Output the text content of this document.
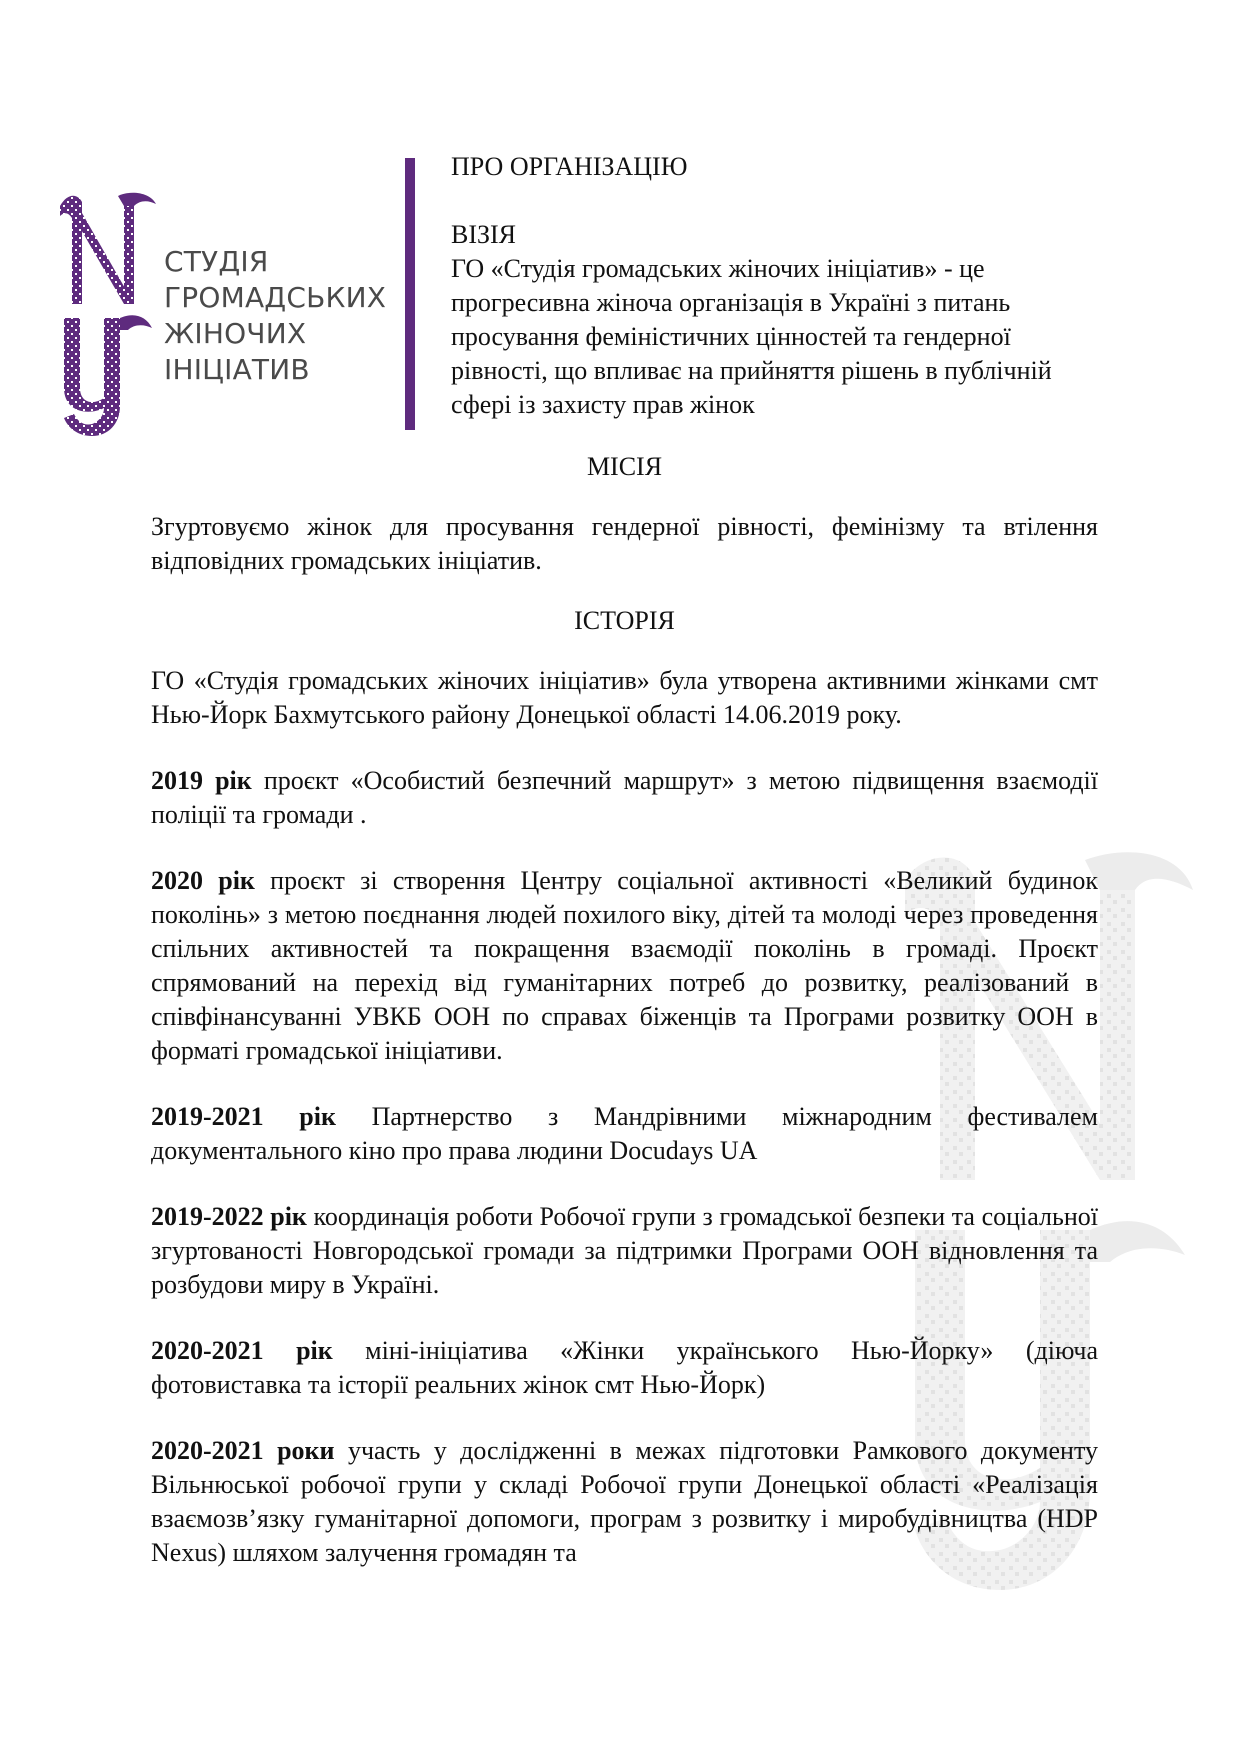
СТУДІЯ
ГРОМАДСЬКИХ
ЖІНОЧИХ
ІНІЦІАТИВ

ПРО ОРГАНІЗАЦІЮ

ВІЗІЯ

ГО «Студія громадських жіночих ініціатив» - це прогресивна жіноча організація в Україні з питань просування феміністичних цінностей та гендерної рівності, що впливає на прийняття рішень в публічній сфері із захисту прав жінок

МІСІЯ

Згуртовуємо жінок для просування гендерної рівності, фемінізму та втілення відповідних громадських ініціатив.

ІСТОРІЯ

ГО «Студія громадських жіночих ініціатив» була утворена активними жінками смт Нью-Йорк Бахмутського району Донецької області 14.06.2019 року.

2019 рік проєкт «Особистий безпечний маршрут» з метою підвищення взаємодії поліції та громади .

2020 рік проєкт зі створення Центру соціальної активності «Великий будинок поколінь» з метою поєднання людей похилого віку, дітей та молоді через проведення спільних активностей та покращення взаємодії поколінь в громаді. Проєкт спрямований на перехід від гуманітарних потреб до розвитку, реалізований в співфінансуванні УВКБ ООН по справах біженців та Програми розвитку ООН в форматі громадської ініціативи.

2019-2021 рік Партнерство з Мандрівними міжнародним фестивалем документального кіно про права людини Docudays UA

2019-2022 рік координація роботи Робочої групи з громадської безпеки та соціальної згуртованості Новгородської громади за підтримки Програми ООН відновлення та розбудови миру в Україні.

2020-2021 рік міні-ініціатива «Жінки українського Нью-Йорку» (діюча фотовиставка та історії реальних жінок смт Нью-Йорк)

2020-2021 роки участь у дослідженні в межах підготовки Рамкового документу Вільнюської робочої групи у складі Робочої групи Донецької області «Реалізація взаємозв’язку гуманітарної допомоги, програм з розвитку і миробудівництва (HDP Nexus) шляхом залучення громадян та
